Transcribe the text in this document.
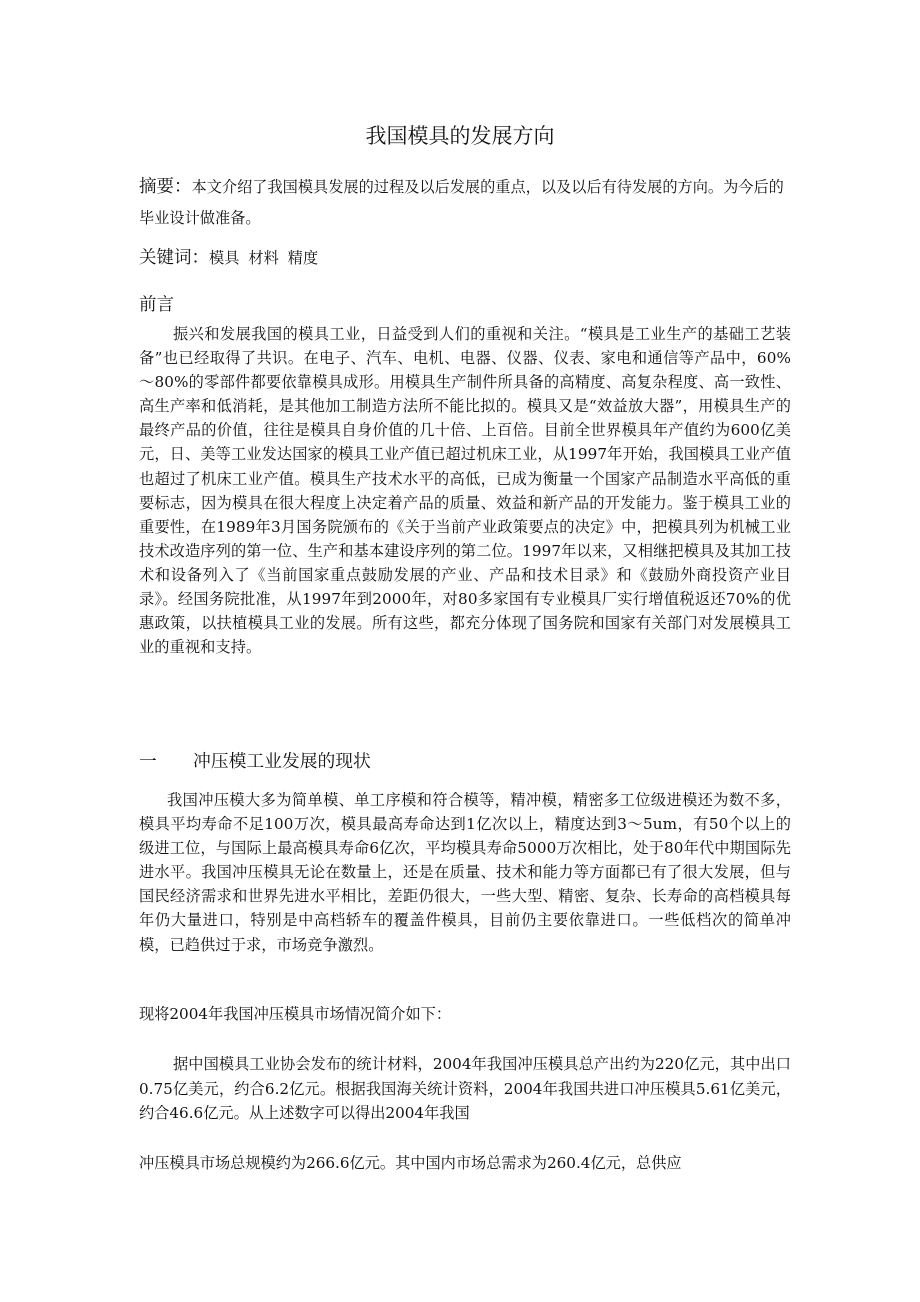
我国模具的发展方向

摘要：本文介绍了我国模具发展的过程及以后发展的重点，以及以后有待发展的方向。为今后的毕业设计做准备。

关键词：模具 材料 精度

前言

振兴和发展我国的模具工业，日益受到人们的重视和关注。“模具是工业生产的基础工艺装备”也已经取得了共识。在电子、汽车、电机、电器、仪器、仪表、家电和通信等产品中，60%～80%的零部件都要依靠模具成形。用模具生产制件所具备的高精度、高复杂程度、高一致性、高生产率和低消耗，是其他加工制造方法所不能比拟的。模具又是“效益放大器”，用模具生产的最终产品的价值，往往是模具自身价值的几十倍、上百倍。目前全世界模具年产值约为600亿美元，日、美等工业发达国家的模具工业产值已超过机床工业，从1997年开始，我国模具工业产值也超过了机床工业产值。模具生产技术水平的高低，已成为衡量一个国家产品制造水平高低的重要标志，因为模具在很大程度上决定着产品的质量、效益和新产品的开发能力。鉴于模具工业的重要性，在1989年3月国务院颁布的《关于当前产业政策要点的决定》中，把模具列为机械工业技术改造序列的第一位、生产和基本建设序列的第二位。1997年以来，又相继把模具及其加工技术和设备列入了《当前国家重点鼓励发展的产业、产品和技术目录》和《鼓励外商投资产业目录》。经国务院批准，从1997年到2000年，对80多家国有专业模具厂实行增值税返还70%的优惠政策，以扶植模具工业的发展。所有这些，都充分体现了国务院和国家有关部门对发展模具工业的重视和支持。

一 冲压模工业发展的现状

我国冲压模大多为简单模、单工序模和符合模等，精冲模，精密多工位级进模还为数不多，模具平均寿命不足100万次，模具最高寿命达到1亿次以上，精度达到3～5um，有50个以上的级进工位，与国际上最高模具寿命6亿次，平均模具寿命5000万次相比，处于80年代中期国际先进水平。我国冲压模具无论在数量上，还是在质量、技术和能力等方面都已有了很大发展，但与国民经济需求和世界先进水平相比，差距仍很大，一些大型、精密、复杂、长寿命的高档模具每年仍大量进口，特别是中高档轿车的覆盖件模具，目前仍主要依靠进口。一些低档次的简单冲模，已趋供过于求，市场竞争激烈。

现将2004年我国冲压模具市场情况简介如下：

据中国模具工业协会发布的统计材料，2004年我国冲压模具总产出约为220亿元，其中出口0.75亿美元，约合6.2亿元。根据我国海关统计资料，2004年我国共进口冲压模具5.61亿美元，约合46.6亿元。从上述数字可以得出2004年我国

冲压模具市场总规模约为266.6亿元。其中国内市场总需求为260.4亿元，总供应
